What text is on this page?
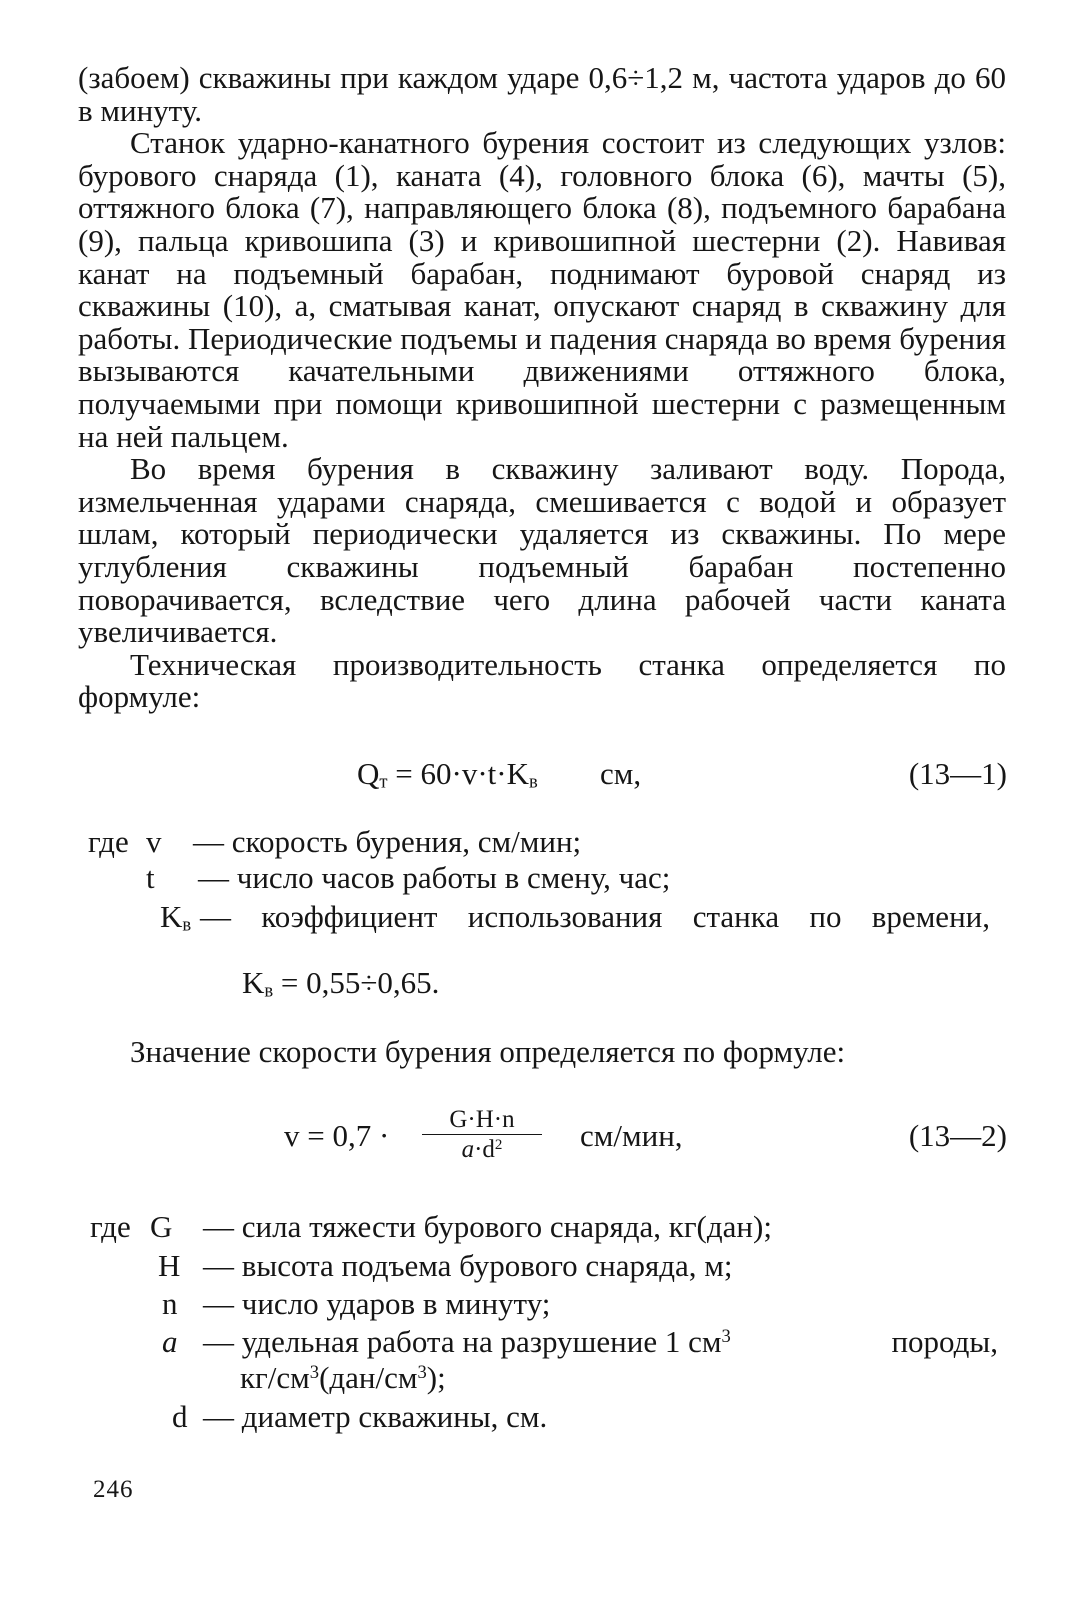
(забоем) скважины при каждом ударе 0,6÷1,2 м, частота ударов до 60 в минуту.

Станок ударно-канатного бурения состоит из следующих узлов: бурового снаряда (1), каната (4), головного блока (6), мачты (5), оттяжного блока (7), направляющего блока (8), подъемного барабана (9), пальца кривошипа (3) и кривошипной шестерни (2). Навивая канат на подъемный барабан, поднимают буровой снаряд из скважины (10), а, сматывая канат, опускают снаряд в скважину для работы. Периодические подъемы и падения снаряда во время бурения вызываются качательными движениями оттяжного блока, получаемыми при помощи кривошипной шестерни с размещенным на ней пальцем.

Во время бурения в скважину заливают воду. Порода, измельченная ударами снаряда, смешивается с водой и образует шлам, который периодически удаляется из скважины. По мере углубления скважины подъемный барабан постепенно поворачивается, вследствие чего длина рабочей части каната увеличивается.

Техническая производительность станка определяется по формуле:

$Q_т = 60\cdot v\cdot t\cdot K_в$ см,	(13—1)
где v — скорость бурения, см/мин;
t — число часов работы в смену, час;
$K_в$ — коэффициент использования станка по времени,
$K_в = 0,55\div 0,65$.

Значение скорости бурения определяется по формуле:

$v = 0,7 \cdot \frac{G\cdot H\cdot n}{a\cdot d^2} см/мин$,	(13—2)
где G — сила тяжести бурового снаряда, кг(дан);
H — высота подъема бурового снаряда, м;
n — число ударов в минуту;
a — удельная работа на разрушение 1 $см^3$	породы,
$кг/см^3(дан/см^3)$;
d — диаметр скважины, см.
246
